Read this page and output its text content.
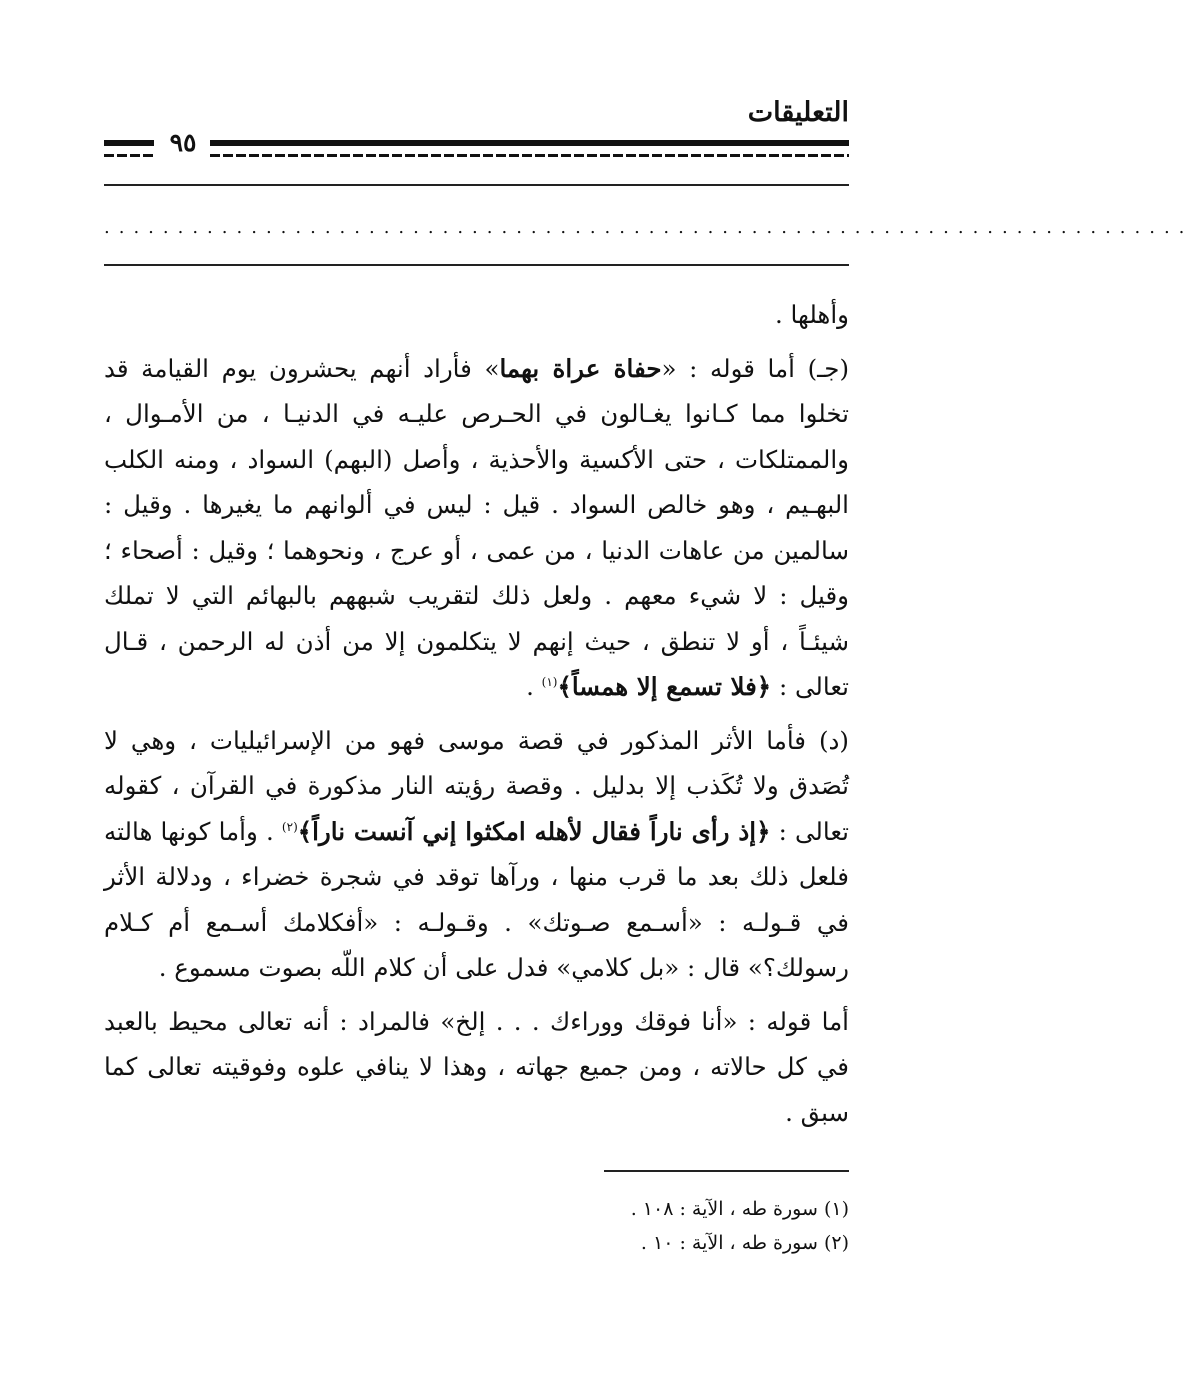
التعليقات
٩٥
..........................................................................

وأهلها .

(جـ) أما قوله : «حفاة عراة بهما» فأراد أنهم يحشرون يوم القيامة قد تخلوا مما كـانوا يغـالون في الحـرص عليـه في الدنيـا ، من الأمـوال ، والممتلكات ، حتى الأكسية والأحذية ، وأصل (البهم) السواد ، ومنه الكلب البهـيم ، وهو خالص السواد . قيل : ليس في ألوانهم ما يغيرها . وقيل : سالمين من عاهات الدنيا ، من عمى ، أو عرج ، ونحوهما ؛ وقيل : أصحاء ؛ وقيل : لا شيء معهم . ولعل ذلك لتقريب شبههم بالبهائم التي لا تملك شيئـاً ، أو لا تنطق ، حيث إنهم لا يتكلمون إلا من أذن له الرحمن ، قـال تعالى : ﴿فلا تسمع إلا همساً﴾$^{(١)}$ .

(د) فأما الأثر المذكور في قصة موسى فهو من الإسرائيليات ، وهي لا تُصَدق ولا تُكَذب إلا بدليل . وقصة رؤيته النار مذكورة في القرآن ، كقوله تعالى : ﴿إذ رأى ناراً فقال لأهله امكثوا إني آنست ناراً﴾$^{(٢)}$ . وأما كونها هالته فلعل ذلك بعد ما قرب منها ، ورآها توقد في شجرة خضراء ، ودلالة الأثر في قـولـه : «أسـمع صـوتك» . وقـولـه : «أفكلامك أسـمع أم كـلام رسولك؟» قال : «بل كلامي» فدل على أن كلام اللّه بصوت مسموع .

أما قوله : «أنا فوقك ووراءك . . . إلخ» فالمراد : أنه تعالى محيط بالعبد في كل حالاته ، ومن جميع جهاته ، وهذا لا ينافي علوه وفوقيته تعالى كما سبق .

(١) سورة طه ، الآية : ١٠٨ .
(٢) سورة طه ، الآية : ١٠ .
